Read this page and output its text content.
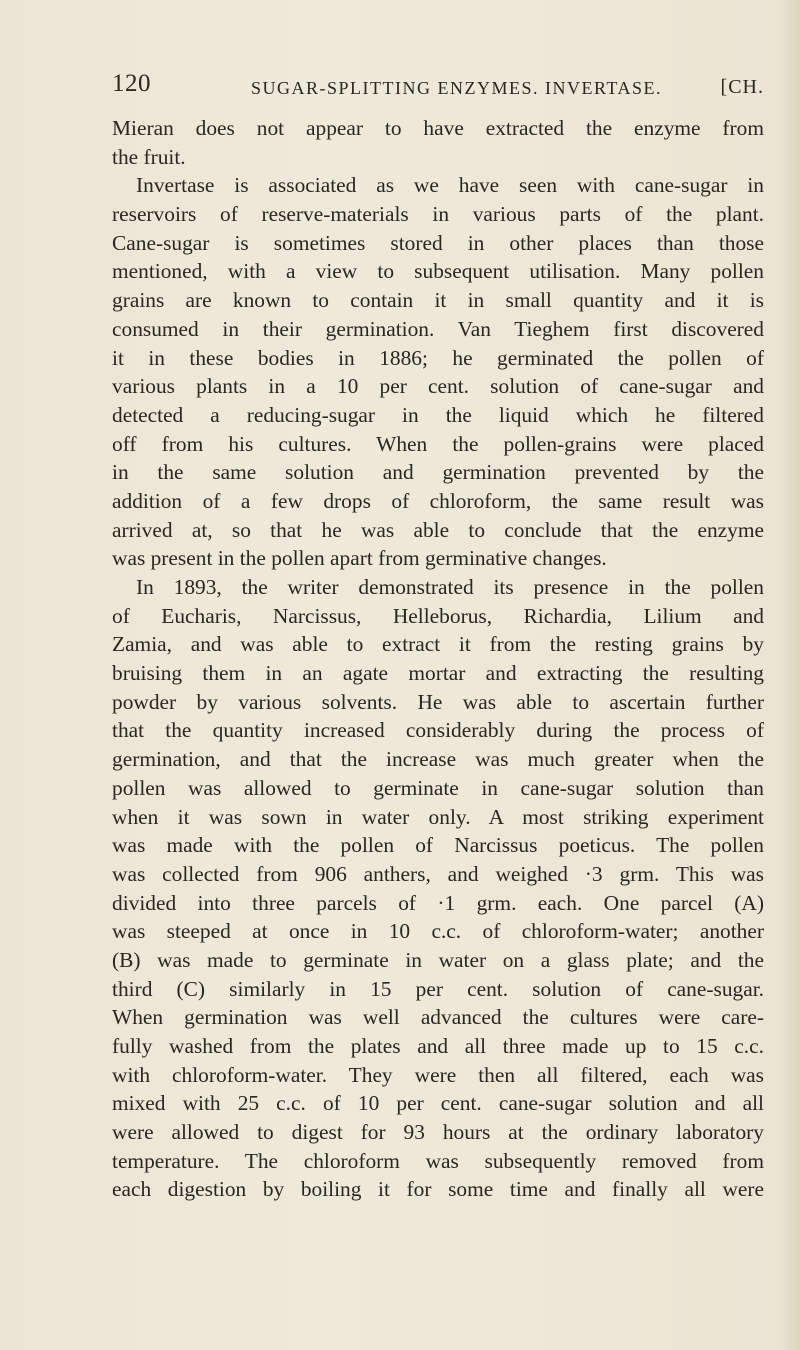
120	SUGAR-SPLITTING ENZYMES. INVERTASE.	[CH.
Mieran does not appear to have extracted the enzyme from
the fruit.
Invertase is associated as we have seen with cane-sugar in
reservoirs of reserve-materials in various parts of the plant.
Cane-sugar is sometimes stored in other places than those
mentioned, with a view to subsequent utilisation. Many pollen
grains are known to contain it in small quantity and it is
consumed in their germination. Van Tieghem first discovered
it in these bodies in 1886; he germinated the pollen of
various plants in a 10 per cent. solution of cane-sugar and
detected a reducing-sugar in the liquid which he filtered
off from his cultures. When the pollen-grains were placed
in the same solution and germination prevented by the
addition of a few drops of chloroform, the same result was
arrived at, so that he was able to conclude that the enzyme
was present in the pollen apart from germinative changes.
In 1893, the writer demonstrated its presence in the pollen
of Eucharis, Narcissus, Helleborus, Richardia, Lilium and
Zamia, and was able to extract it from the resting grains by
bruising them in an agate mortar and extracting the resulting
powder by various solvents. He was able to ascertain further
that the quantity increased considerably during the process of
germination, and that the increase was much greater when the
pollen was allowed to germinate in cane-sugar solution than
when it was sown in water only. A most striking experiment
was made with the pollen of Narcissus poeticus. The pollen
was collected from 906 anthers, and weighed ·3 grm. This was
divided into three parcels of ·1 grm. each. One parcel (A)
was steeped at once in 10 c.c. of chloroform-water; another
(B) was made to germinate in water on a glass plate; and the
third (C) similarly in 15 per cent. solution of cane-sugar.
When germination was well advanced the cultures were care-
fully washed from the plates and all three made up to 15 c.c.
with chloroform-water. They were then all filtered, each was
mixed with 25 c.c. of 10 per cent. cane-sugar solution and all
were allowed to digest for 93 hours at the ordinary laboratory
temperature. The chloroform was subsequently removed from
each digestion by boiling it for some time and finally all were
